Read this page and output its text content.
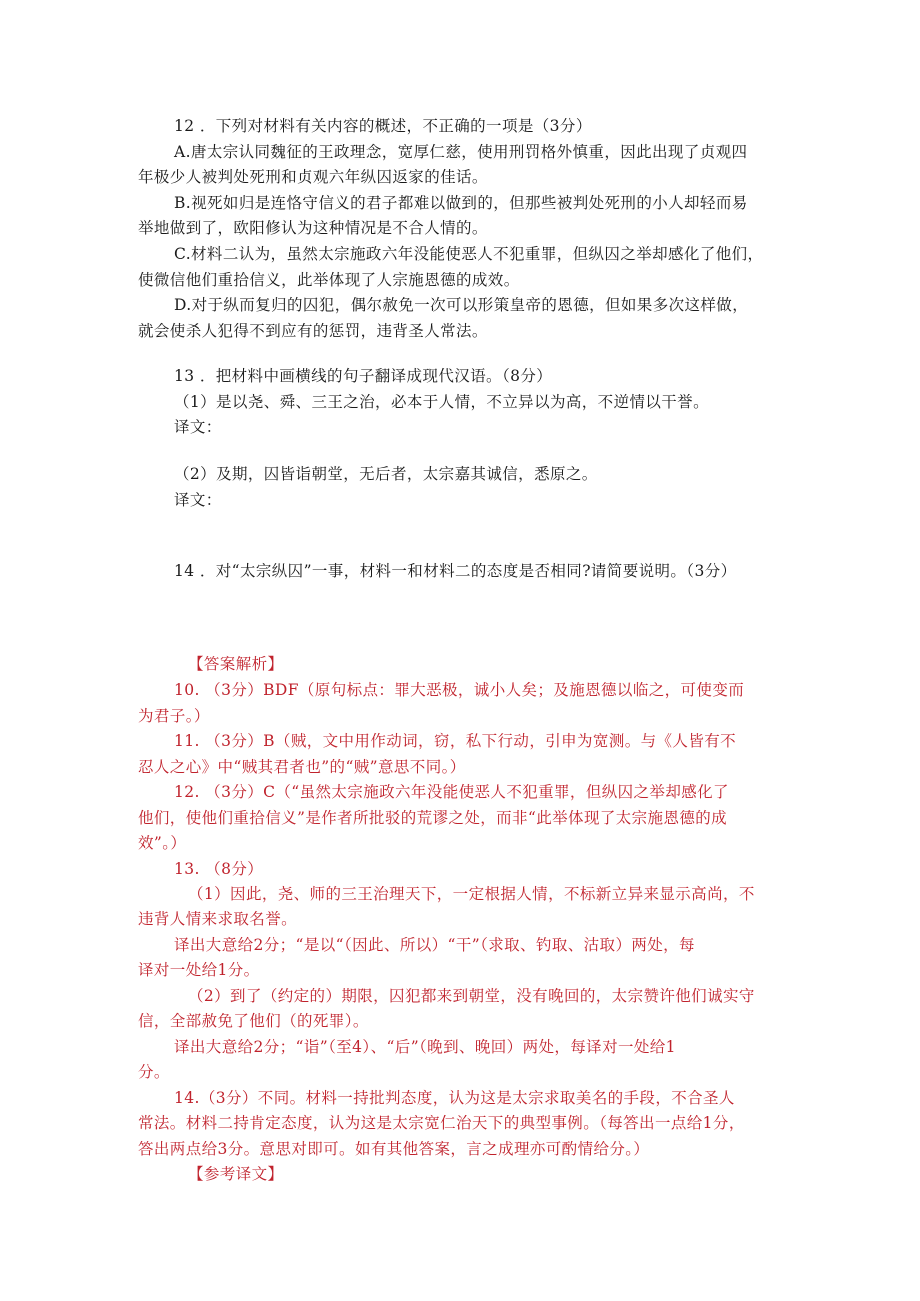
12 ．下列对材料有关内容的概述，不正确的一项是（3分）
A.唐太宗认同魏征的王政理念，宽厚仁慈，使用刑罚格外慎重，因此出现了贞观四
年极少人被判处死刑和贞观六年纵囚返家的佳话。
B.视死如归是连恪守信义的君子都难以做到的，但那些被判处死刑的小人却轻而易
举地做到了，欧阳修认为这种情况是不合人情的。
C.材料二认为，虽然太宗施政六年没能使恶人不犯重罪，但纵囚之举却感化了他们，
使微信他们重拾信义，此举体现了人宗施恩德的成效。
D.对于纵而复归的囚犯，偶尔赦免一次可以形策皇帝的恩德，但如果多次这样做，
就会使杀人犯得不到应有的惩罚，违背圣人常法。
13 ．把材料中画横线的句子翻译成现代汉语。（8分）
（1）是以尧、舜、三王之治，必本于人情，不立异以为高，不逆情以干誉。
译文：
（2）及期，囚皆诣朝堂，无后者，太宗嘉其诚信，悉原之。
译文：
14 ．对“太宗纵囚”一事，材料一和材料二的态度是否相同?请简要说明。（3分）
【答案解析】
10. （3分）BDF（原句标点：罪大恶极，诚小人矣；及施恩德以临之，可使变而
为君子。）
11. （3分）B（贼，文中用作动词，窃，私下行动，引申为宽测。与《人皆有不
忍人之心》中“贼其君者也”的“贼”意思不同。）
12. （3分）C（“虽然太宗施政六年没能使恶人不犯重罪，但纵囚之举却感化了
他们，使他们重拾信义”是作者所批驳的荒谬之处，而非“此举体现了太宗施恩德的成
效”。）
13. （8分）
（1）因此，尧、师的三王治理天下，一定根据人情，不标新立异来显示高尚，不
违背人情来求取名誉。
译出大意给2分；“是以“（因此、所以）“干”（求取、钓取、沽取）两处，每
译对一处给1分。
（2）到了（约定的）期限，囚犯都来到朝堂，没有晚回的，太宗赞许他们诚实守
信，全部赦免了他们（的死罪）。
译出大意给2分；“诣”（至4）、“后”（晚到、晚回）两处，每译对一处给1
分。
14.（3分）不同。材料一持批判态度，认为这是太宗求取美名的手段，不合圣人
常法。材料二持肯定态度，认为这是太宗宽仁治天下的典型事例。（每答出一点给1分，
答出两点给3分。意思对即可。如有其他答案，言之成理亦可酌情给分。）
【参考译文】
